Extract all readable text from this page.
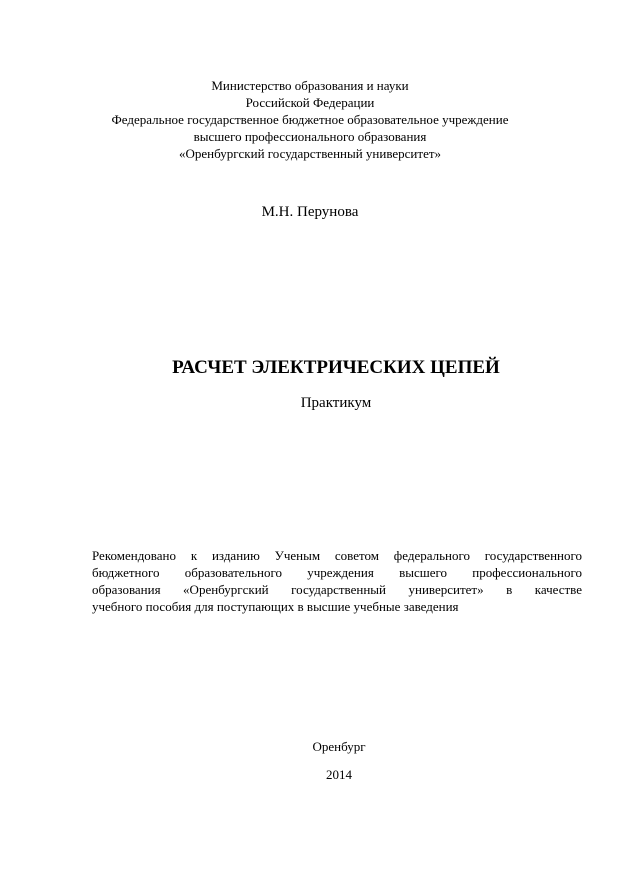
Министерство образования и науки
Российской Федерации
Федеральное государственное бюджетное образовательное учреждение
высшего профессионального образования
«Оренбургский государственный университет»
М.Н. Перунова
РАСЧЕТ ЭЛЕКТРИЧЕСКИХ ЦЕПЕЙ
Практикум
Рекомендовано к изданию Ученым советом федерального государственного
бюджетного образовательного учреждения высшего профессионального
образования «Оренбургский государственный университет» в качестве
учебного пособия для поступающих в высшие учебные заведения
Оренбург
2014
